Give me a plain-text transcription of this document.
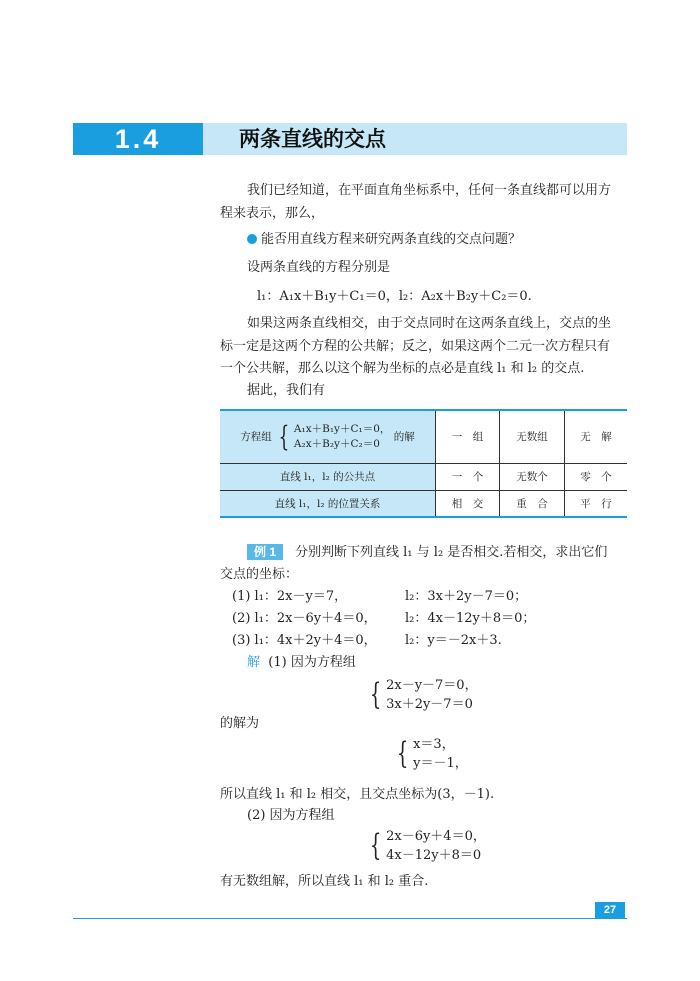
1.4	两条直线的交点
我们已经知道，在平面直角坐标系中，任何一条直线都可以用方
程来表示，那么，
能否用直线方程来研究两条直线的交点问题？
设两条直线的方程分别是
l₁：A₁x＋B₁y＋C₁＝0，l₂：A₂x＋B₂y＋C₂＝0.
如果这两条直线相交，由于交点同时在这两条直线上，交点的坐
标一定是这两个方程的公共解；反之，如果这两个二元一次方程只有
一个公共解，那么以这个解为坐标的点必是直线 l₁ 和 l₂ 的交点.
据此，我们有
方程组 { A₁x＋B₁y＋C₁＝0，
A₂x＋B₂y＋C₂＝0
的解	一　组	无数组	无　解
直线 l₁，l₂ 的公共点	一　个	无数个	零　个
直线 l₁，l₂ 的位置关系	相　交	重　合	平　行
例 1 分别判断下列直线 l₁ 与 l₂ 是否相交.若相交，求出它们
交点的坐标：
(1) l₁：2x－y＝7，	l₂：3x＋2y－7＝0；
(2) l₁：2x－6y＋4＝0， l₂：4x－12y＋8＝0；
(3) l₁：4x＋2y＋4＝0， l₂：y＝－2x＋3.
解 (1) 因为方程组
{ 2x－y－7＝0，
3x＋2y－7＝0
的解为
{ x＝3，
y＝－1，
所以直线 l₁ 和 l₂ 相交，且交点坐标为(3，－1).
(2) 因为方程组
{ 2x－6y＋4＝0，
4x－12y＋8＝0
有无数组解，所以直线 l₁ 和 l₂ 重合.
27
